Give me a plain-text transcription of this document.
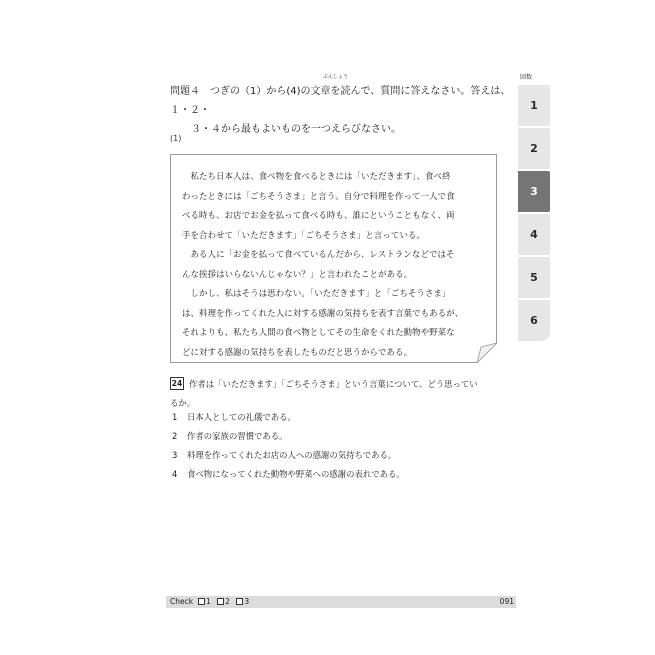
ぶんしょう
問題４　つぎの（1）から(4)の文章を読んで、質問に答えなさい。答えは、１・２・
３・４から最もよいものを一つえらびなさい。
回数
1
2
3
4
5
6
(1)

　私たち日本人は、食べ物を食べるときには「いただきます」、食べ終

わったときには「ごちそうさま」と言う。自分で料理を作って一人で食

べる時も、お店でお金を払って食べる時も、誰にということもなく、両

手を合わせて「いただきます」「ごちそうさま」と言っている。

　ある人に「お金を払って食べているんだから、レストランなどではそ

んな挨拶はいらないんじゃない？」と言われたことがある。

　しかし、私はそうは思わない。「いただきます」と「ごちそうさま」

は、料理を作ってくれた人に対する感謝の気持ちを表す言葉でもあるが、

それよりも、私たち人間の食べ物としてその生命をくれた動物や野菜な

どに対する感謝の気持ちを表したものだと思うからである。

24 作者は「いただきます」「ごちそうさま」という言葉について、どう思ってい
るか。
1 日本人としての礼儀である。
2 作者の家族の習慣である。
3 料理を作ってくれたお店の人への感謝の気持ちである。
4 食べ物になってくれた動物や野菜への感謝の表れである。
Check	1 2 3	091
